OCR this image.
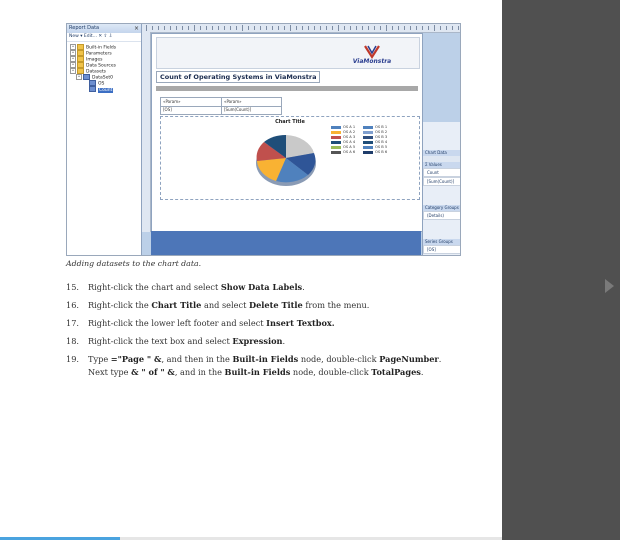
Report Data	×
New ▾ Edit... ✕ ⇧ ⇩
+	Built-in Fields
+	Parameters
+	Images
+	Data Sources
+	Datasets
+	DataSet0
OS
Count
ViaMonstra
Count of Operating Systems in ViaMonstra
«Param»	«Param»
[OS]	[Sum(Count)]
Chart Title
OS A 1	OS B 1
OS A 2	OS B 2
OS A 3	OS B 3
OS A 4	OS B 4
OS A 5	OS B 5
OS A 6	OS B 6	Chart Data
Σ Values
Count
[Sum(Count)]
Category Groups
(Details)
Series Groups
[OS]
Adding datasets to the chart data.
15. Right-click the chart and select Show Data Labels.
16. Right-click the Chart Title and select Delete Title from the menu.
17. Right-click the lower left footer and select Insert Textbox.
18. Right-click the text box and select Expression.
19. Type ="Page " &, and then in the Built-in Fields node, double-click PageNumber. Next type & " of " &, and in the Built-in Fields node, double-click TotalPages.
